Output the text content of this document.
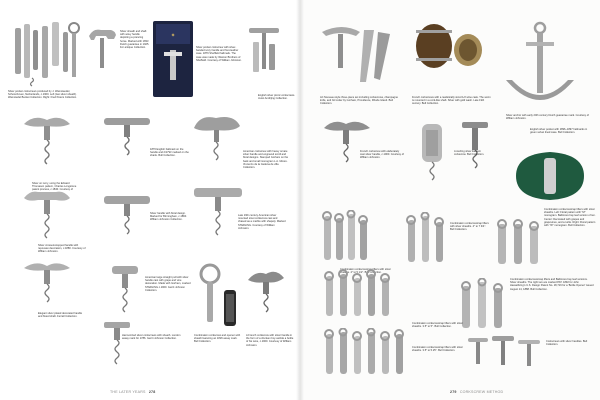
Silver pocket corkscrews produced by J. Wamsteedel, Schoonhoven, Netherlands, c.1900. Left (two silver sheath). Wamstedel Bucket Collection. Right: Fred Peters Collection.
Silver sheath and shaft with wavy handle depicting a prancing horse. Marked with 1833 Dutch guarantee in 1925. For antique Collection.
◆
Silver pocket corkscrew with silver-banded ivory handle and foot-leather case. 1876 Sheffield hallmark. The case was made by Weston Brothers of Sheffield. Courtesy of William Johnston.
English silver picnic corkscrews. Joost Andrijing Collection.
Silver on ivory, using the Edward Thomason pattern, Charles Longstone patent process, c.1840. Courtesy of
1876 English hallmark on the handle and 2/1793 marked on the shank. Bull Collection.
American corkscrew with heavy ornate silver handle and engraved scroll and floral designs. Stamped Gorham on the back and small monogram L.A. Moore. Vincenzo de la Cadena de villa Collection.
Silver crossed-stopped handle with repoussé decoration, c.1880. Courtesy of William Johnston.
Silver handle with floral design. Marked for Birmingham, c.1860. William Johnston Collection.
Late 19th century American silver mounted stout corkscrew cast and chased as a marble with shapely. Marked STERLING. Courtesy of William Johnston.
Elegant silver plated decorated handle and fluted shaft. Ferrall Collection.
American large straight pull with silver handle cast with grape and vine decoration. Made with Gorham, marked STERLING c.1900. Gerrit Johnson Collection.
Harmonized silver corkscrews with sheath. London assay mark for 1786. Gerrit Johnson Collection.
Combination corkscrew and opener with sheath featuring an 1826 assay mark. Bull Collection.
A French corkscrew with silver handle in the form of a drunken boy astride a bottle of his wine, c.1900. Courtesy of William Johnston.
THE LATER YEARS 278
Art Nouveau style three-piece set including corkscrews, champagne knife, and foil cutter by Gorham, Providence, Rhode Island. Bull Collection.
French corkscrews with a realistically sized 1/2 wine cask. The worm is mounted in a cork-like shaft. Silver with gold wash. Late 19th century. Bull Collection.
Silver anchor with early 20th century Dutch guarantee mark. Courtesy of William Johnston.
French corkscrew with elaborately cast silver handle, c.1900. Courtesy of William Johnston.
A sterling silver Eastern corkscrew. Bull Collection.
English silver pocket with 1896–1897 hallmarks in green velvet lined case. Bull Collection.
Combination corkscrew/cap lifters with silver sheaths. 4" to 5 1/2". Bull Collection.
Combination corkscrew/cap lifters with silver sheaths. 4" to 7 3/4". Bull Collection.
Combination corkscrew/cap lifters with silver sheaths. Left: Floral pattern with "M" monogram. Baltimore bay leaf version of ten. Center: Decorated with grapes and grapevines, and a turtle. Right: Floral pattern with "W" monogram. Bull Collection.
Combination corkscrews/cap lifters and Baltimore bay leaf versions. Silver sheaths. The right two are marked PAT. 1892 for John Hasselbring's U.S. Design Patent No. 18,716 for a 'Bottle Opener' issued August 14, 1888. Bull Collection.
Combination corkscrew/cap lifters with silver sheaths. 3.5" to 5". Bull Collection.
Combination corkscrew/cap lifters with silver sheaths. 3.5" to 5.25". Bull Collection.
Corkscrews with silver handles. Bull Collection.
279 CORKSCREW METHOD
